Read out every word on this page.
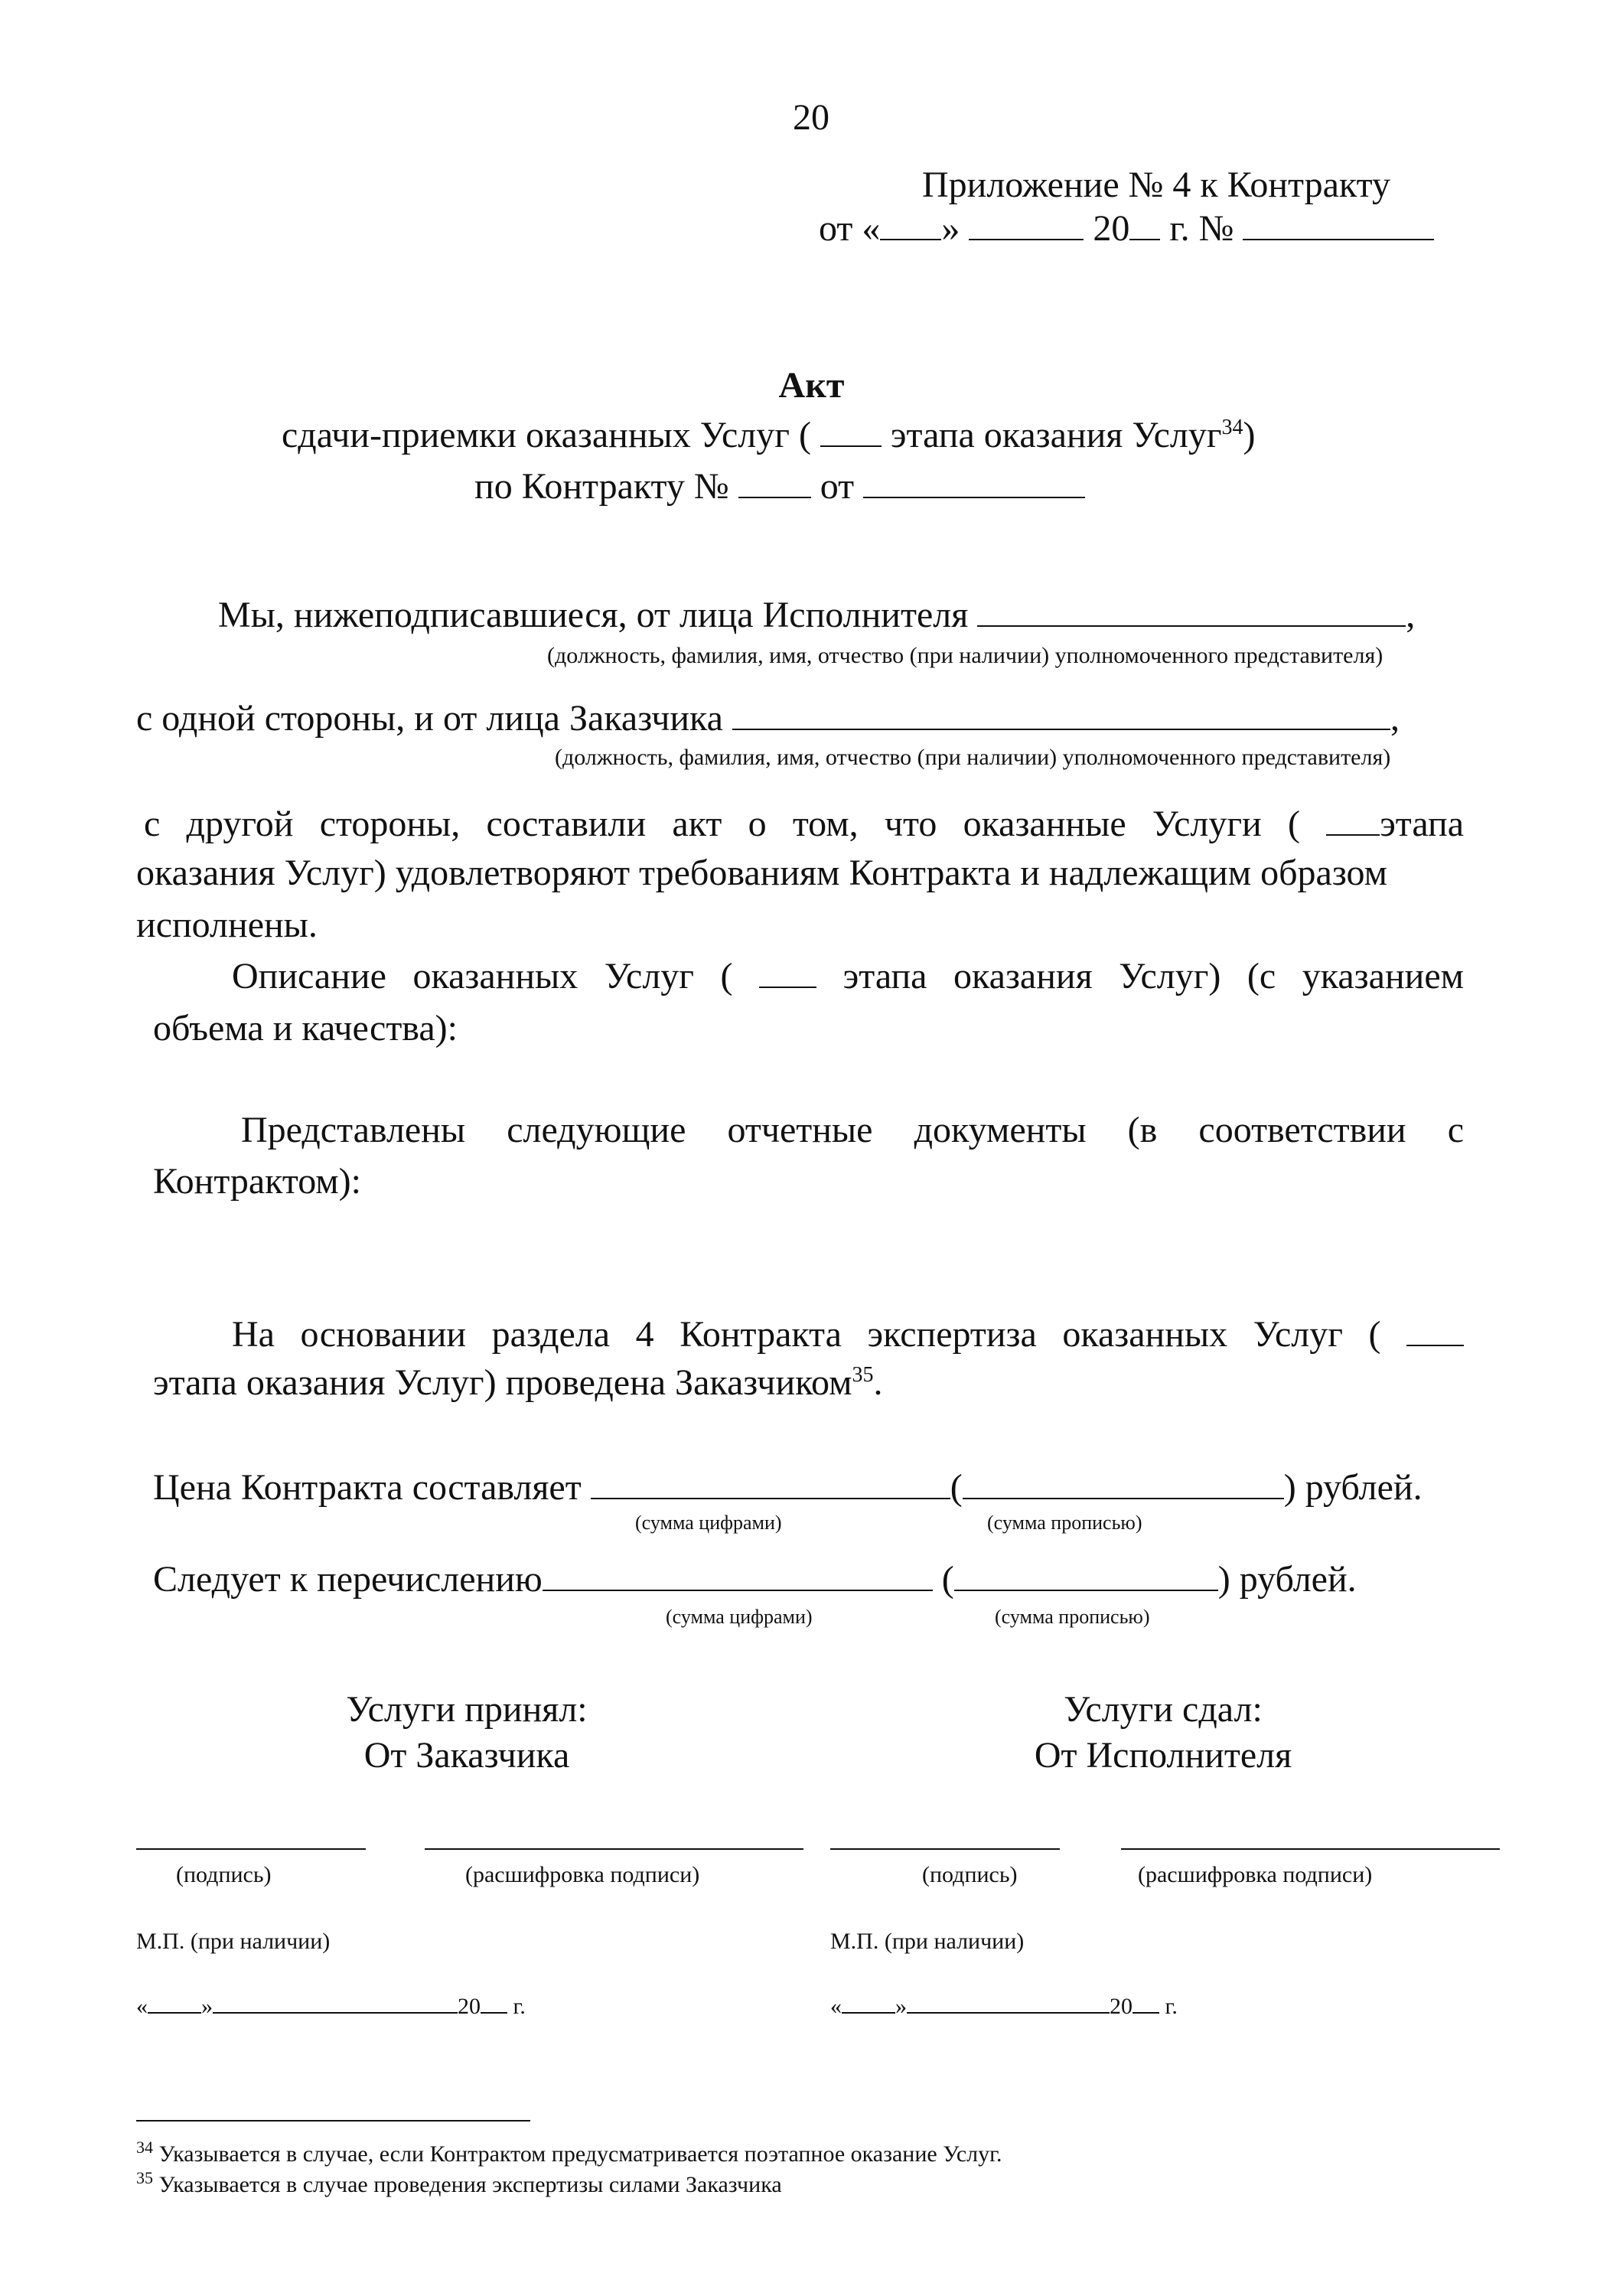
20
Приложение № 4 к Контракту
от « »	20 г. №
Акт
сдачи-приемки оказанных Услуг ( этапа оказания Услуг$^{34}$)
по Контракту № от
Мы, нижеподписавшиеся, от лица Исполнителя	,
(должность, фамилия, имя, отчество (при наличии) уполномоченного представителя)
с одной стороны, и от лица Заказчика	,
(должность, фамилия, имя, отчество (при наличии) уполномоченного представителя)
с другой стороны, составили акт о том, что оказанные Услуги ( этапа
оказания Услуг) удовлетворяют требованиям Контракта и надлежащим образом
исполнены.
Описание оказанных Услуг (	этапа оказания Услуг) (с указанием
объема и качества):
Представлены следующие отчетные документы (в соответствии с
Контрактом):
На основании раздела 4 Контракта экспертиза оказанных Услуг (
этапа оказания Услуг) проведена Заказчиком$^{35}$.
Цена Контракта составляет	(	) рублей.
(сумма цифрами)	(сумма прописью)
Следует к перечислению	(	) рублей.
(сумма цифрами)	(сумма прописью)
Услуги принял:
От Заказчика
Услуги сдал:
От Исполнителя
(подпись)	(расшифровка подписи)	(подпись)	(расшифровка подписи)
М.П. (при наличии)	М.П. (при наличии)
« »	20 г.	« »	20 г.
$^{34}$ Указывается в случае, если Контрактом предусматривается поэтапное оказание Услуг.
$^{35}$ Указывается в случае проведения экспертизы силами Заказчика
